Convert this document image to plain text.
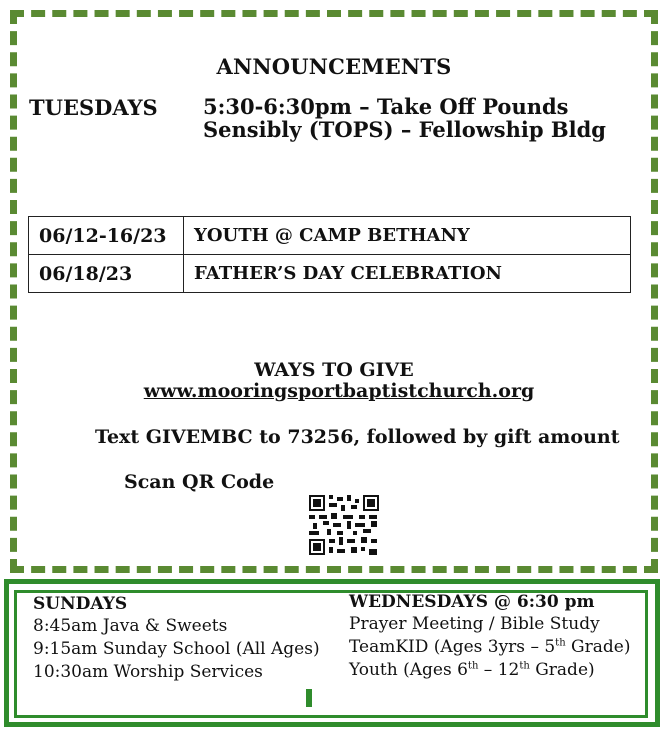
ANNOUNCEMENTS
TUESDAYS 5:30-6:30pm – Take Off Pounds
Sensibly (TOPS) – Fellowship Bldg
06/12-16/23	YOUTH @ CAMP BETHANY
06/18/23	FATHER’S DAY CELEBRATION
WAYS TO GIVE
www.mooringsportbaptistchurch.org
Text GIVEMBC to 73256, followed by gift amount
Scan QR Code
SUNDAYS
8:45am Java & Sweets
9:15am Sunday School (All Ages)
10:30am Worship Services
WEDNESDAYS @ 6:30 pm
Prayer Meeting / Bible Study
TeamKID (Ages 3yrs – 5th Grade)
Youth (Ages 6th – 12th Grade)
